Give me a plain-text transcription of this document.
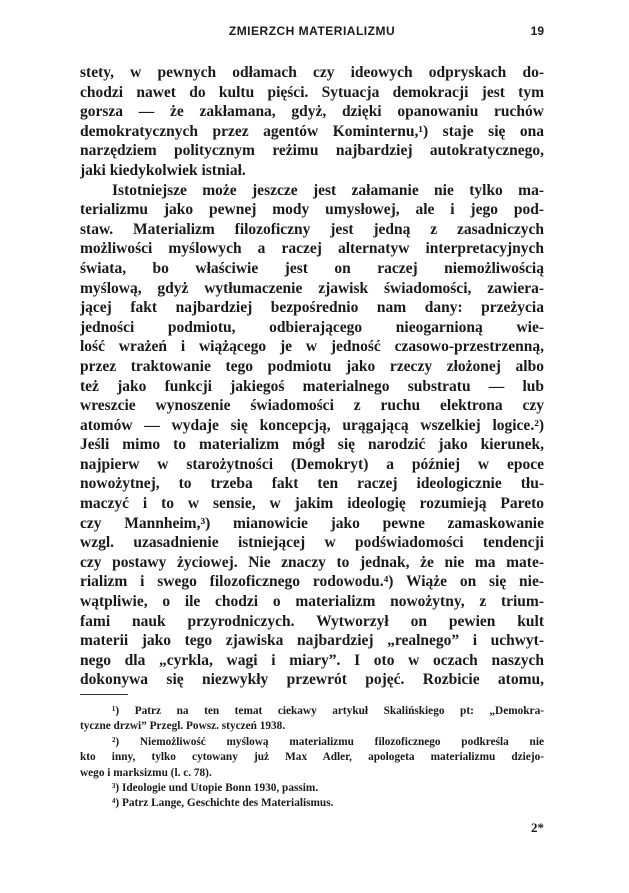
ZMIERZCH MATERIALIZMU	19
stety, w pewnych odłamach czy ideowych odpryskach do-
chodzi nawet do kultu pięści. Sytuacja demokracji jest tym
gorsza — że zakłamana, gdyż, dzięki opanowaniu ruchów
demokratycznych przez agentów Kominternu,¹) staje się ona
narzędziem politycznym reżimu najbardziej autokratycznego,
jaki kiedykolwiek istniał.
Istotniejsze może jeszcze jest załamanie nie tylko ma-
terializmu jako pewnej mody umysłowej, ale i jego pod-
staw. Materializm filozoficzny jest jedną z zasadniczych
możliwości myślowych a raczej alternatyw interpretacyjnych
świata, bo właściwie jest on raczej niemożliwością
myślową, gdyż wytłumaczenie zjawisk świadomości, zawiera-
jącej fakt najbardziej bezpośrednio nam dany: przeżycia
jedności podmiotu, odbierającego nieogarnioną wie-
lość wrażeń i wiążącego je w jedność czasowo-przestrzenną,
przez traktowanie tego podmiotu jako rzeczy złożonej albo
też jako funkcji jakiegoś materialnego substratu — lub
wreszcie wynoszenie świadomości z ruchu elektrona czy
atomów — wydaje się koncepcją, urągającą wszelkiej logice.²)
Jeśli mimo to materializm mógł się narodzić jako kierunek,
najpierw w starożytności (Demokryt) a później w epoce
nowożytnej, to trzeba fakt ten raczej ideologicznie tłu-
maczyć i to w sensie, w jakim ideologię rozumieją Pareto
czy Mannheim,³) mianowicie jako pewne zamaskowanie
wzgl. uzasadnienie istniejącej w podświadomości tendencji
czy postawy życiowej. Nie znaczy to jednak, że nie ma mate-
rializm i swego filozoficznego rodowodu.⁴) Wiąże on się nie-
wątpliwie, o ile chodzi o materializm nowożytny, z trium-
fami nauk przyrodniczych. Wytworzył on pewien kult
materii jako tego zjawiska najbardziej „realnego” i uchwyt-
nego dla „cyrkla, wagi i miary”. I oto w oczach naszych
dokonywa się niezwykły przewrót pojęć. Rozbicie atomu,
¹) Patrz na ten temat ciekawy artykuł Skalińskiego pt: „Demokra-
tyczne drzwi” Przegl. Powsz. styczeń 1938.
²) Niemożliwość myślową materializmu filozoficznego podkreśla nie
kto inny, tylko cytowany już Max Adler, apologeta materializmu dziejo-
wego i marksizmu (l. c. 78).
³) Ideologie und Utopie Bonn 1930, passim.
⁴) Patrz Lange, Geschichte des Materialismus.
2*
